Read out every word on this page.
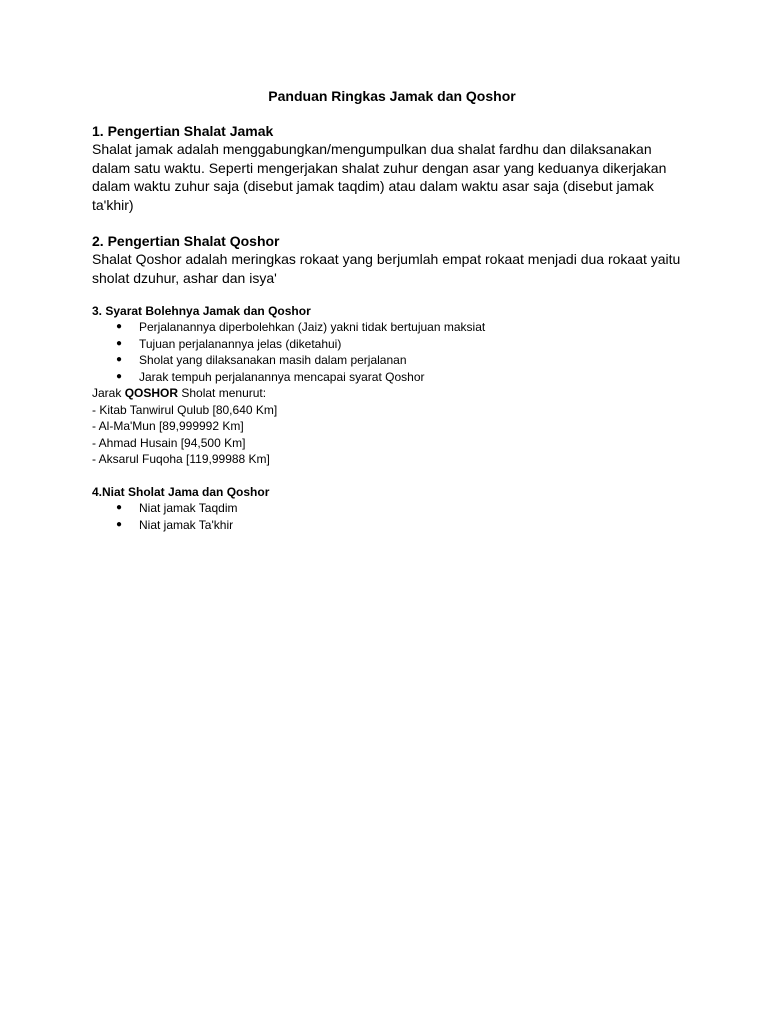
Panduan Ringkas Jamak dan Qoshor
1. Pengertian Shalat Jamak

Shalat jamak adalah menggabungkan/mengumpulkan dua shalat fardhu dan dilaksanakan dalam satu waktu. Seperti mengerjakan shalat zuhur dengan asar yang keduanya dikerjakan dalam waktu zuhur saja (disebut jamak taqdim) atau dalam waktu asar saja (disebut jamak ta'khir)

2. Pengertian Shalat Qoshor

Shalat Qoshor adalah meringkas rokaat yang berjumlah empat rokaat menjadi dua rokaat yaitu sholat dzuhur, ashar dan isya'

3. Syarat Bolehnya Jamak dan Qoshor
● Perjalanannya diperbolehkan (Jaiz) yakni tidak bertujuan maksiat
● Tujuan perjalanannya jelas (diketahui)
● Sholat yang dilaksanakan masih dalam perjalanan
● Jarak tempuh perjalanannya mencapai syarat Qoshor
Jarak QOSHOR Sholat menurut:
- Kitab Tanwirul Qulub [80,640 Km]
- Al-Ma'Mun [89,999992 Km]
- Ahmad Husain [94,500 Km]
- Aksarul Fuqoha [119,99988 Km]
4.Niat Sholat Jama dan Qoshor
● Niat jamak Taqdim
● Niat jamak Ta'khir
